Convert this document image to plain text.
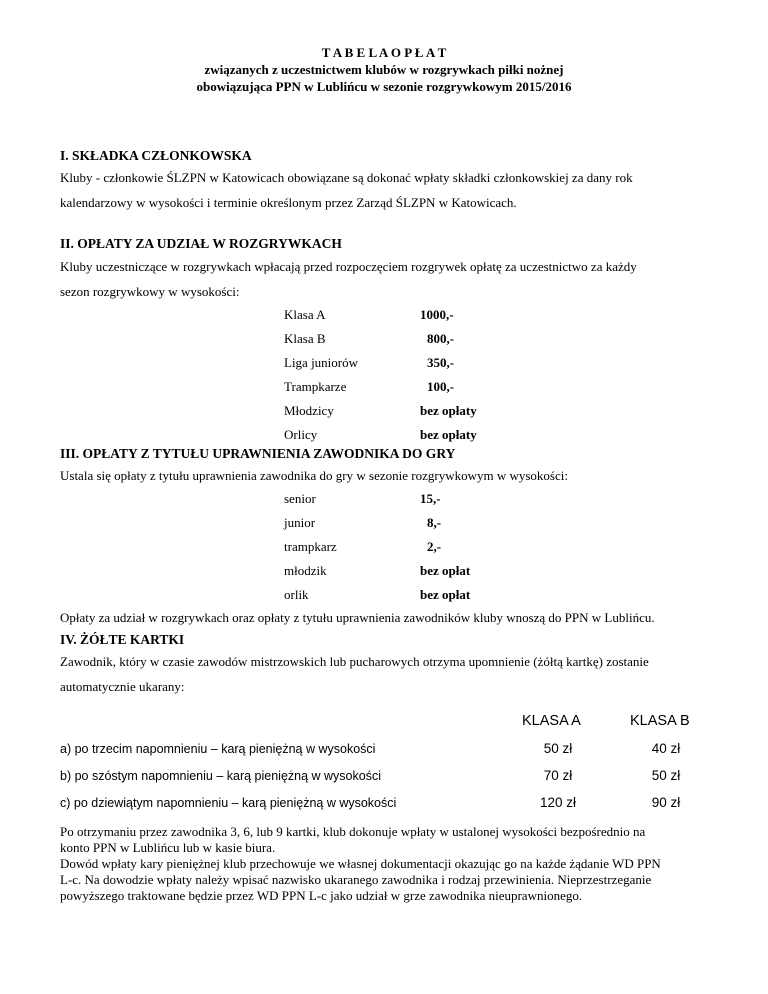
T A B E L A O P Ł A T
związanych z uczestnictwem klubów w rozgrywkach piłki nożnej
obowiązująca PPN w Lublińcu w sezonie rozgrywkowym 2015/2016
I. SKŁADKA CZŁONKOWSKA
Kluby - członkowie ŚLZPN w Katowicach obowiązane są dokonać wpłaty składki członkowskiej za dany rok
kalendarzowy w wysokości i terminie określonym przez Zarząd ŚLZPN w Katowicach.
II. OPŁATY ZA UDZIAŁ W ROZGRYWKACH
Kluby uczestniczące w rozgrywkach wpłacają przed rozpoczęciem rozgrywek opłatę za uczestnictwo za każdy
sezon rozgrywkowy w wysokości:
Klasa A	1000,-
Klasa B	800,-
Liga juniorów	350,-
Trampkarze	100,-
Młodzicy	bez opłaty
Orlicy	bez opłaty
III. OPŁATY Z TYTUŁU UPRAWNIENIA ZAWODNIKA DO GRY
Ustala się opłaty z tytułu uprawnienia zawodnika do gry w sezonie rozgrywkowym w wysokości:
senior	15,-
junior	8,-
trampkarz	2,-
młodzik	bez opłat
orlik	bez opłat
Opłaty za udział w rozgrywkach oraz opłaty z tytułu uprawnienia zawodników kluby wnoszą do PPN w Lublińcu.
IV. ŻÓŁTE KARTKI
Zawodnik, który w czasie zawodów mistrzowskich lub pucharowych otrzyma upomnienie (żółtą kartkę) zostanie
automatycznie ukarany:
KLASA A	KLASA B
a) po trzecim napomnieniu – karą pieniężną w wysokości	50 zł	40 zł
b) po szóstym napomnieniu – karą pieniężną w wysokości	70 zł	50 zł
c) po dziewiątym napomnieniu – karą pieniężną w wysokości	120 zł	90 zł
Po otrzymaniu przez zawodnika 3, 6, lub 9 kartki, klub dokonuje wpłaty w ustalonej wysokości bezpośrednio na
konto PPN w Lublińcu lub w kasie biura.
Dowód wpłaty kary pieniężnej klub przechowuje we własnej dokumentacji okazując go na każde żądanie WD PPN
L-c. Na dowodzie wpłaty należy wpisać nazwisko ukaranego zawodnika i rodzaj przewinienia. Nieprzestrzeganie
powyższego traktowane będzie przez WD PPN L-c jako udział w grze zawodnika nieuprawnionego.
